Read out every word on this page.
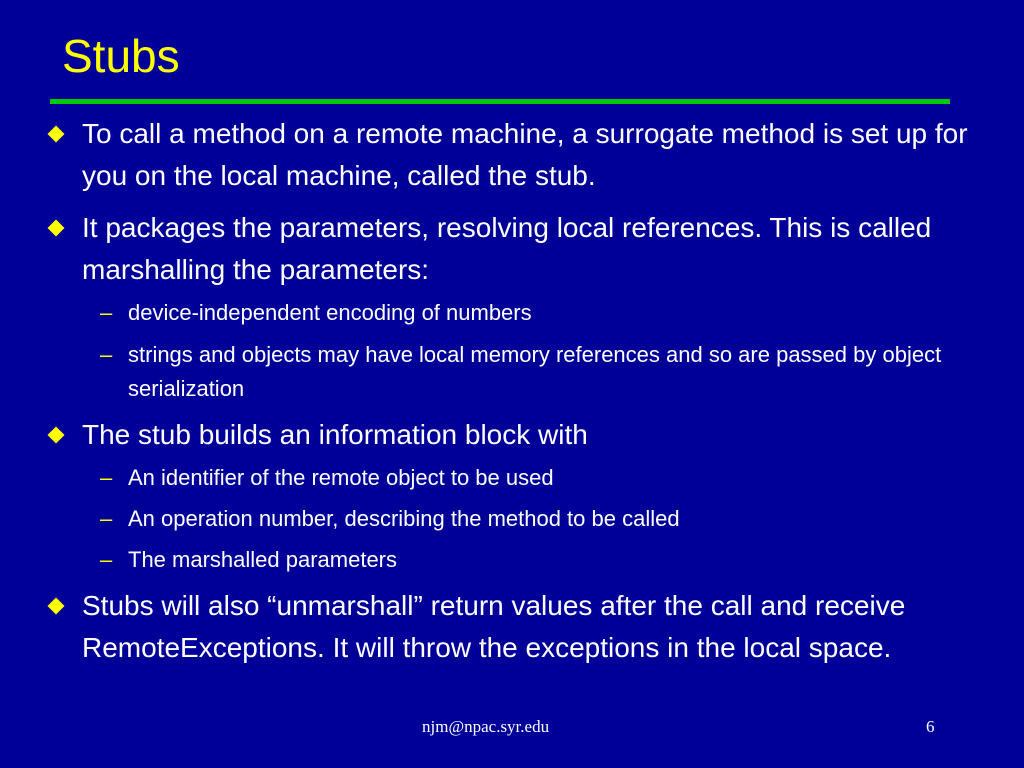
Stubs
To call a method on a remote machine, a surrogate method is set up for you on the local machine, called the stub.
It packages the parameters, resolving local references. This is called marshalling the parameters:
– device-independent encoding of numbers
– strings and objects may have local memory references and so are passed by object serialization
The stub builds an information block with
– An identifier of the remote object to be used
– An operation number, describing the method to be called
– The marshalled parameters
Stubs will also “unmarshall” return values after the call and receive RemoteExceptions. It will throw the exceptions in the local space.
njm@npac.syr.edu	6
